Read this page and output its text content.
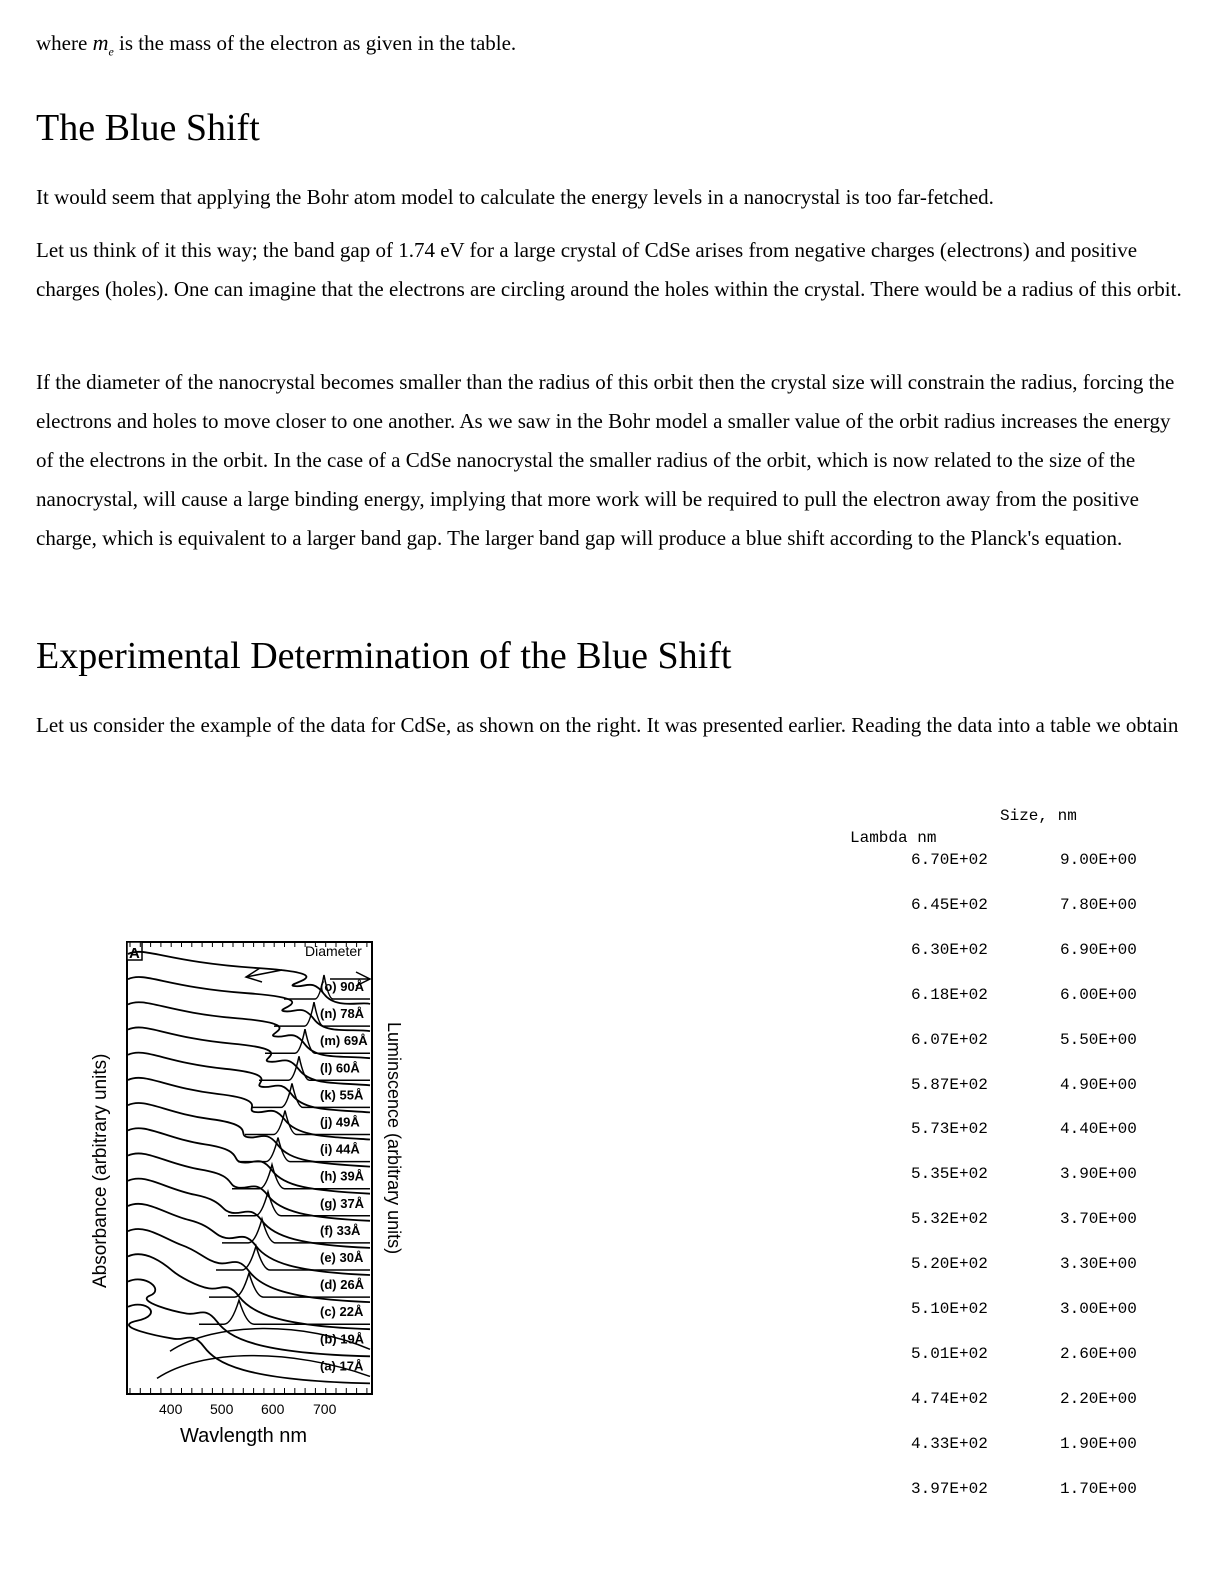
where $m_e$ is the mass of the electron as given in the table.
The Blue Shift

It would seem that applying the Bohr atom model to calculate the energy levels in a nanocrystal is too far-fetched.

Let us think of it this way; the band gap of 1.74 eV for a large crystal of CdSe arises from negative charges (electrons) and positive charges (holes). One can imagine that the electrons are circling around the holes within the crystal. There would be a radius of this orbit.

If the diameter of the nanocrystal becomes smaller than the radius of this orbit then the crystal size will constrain the radius, forcing the electrons and holes to move closer to one another. As we saw in the Bohr model a smaller value of the orbit radius increases the energy of the electrons in the orbit. In the case of a CdSe nanocrystal the smaller radius of the orbit, which is now related to the size of the nanocrystal, will cause a large binding energy, implying that more work will be required to pull the electron away from the positive charge, which is equivalent to a larger band gap. The larger band gap will produce a blue shift according to the Planck's equation.

Experimental Determination of the Blue Shift

Let us consider the example of the data for CdSe, as shown on the right. It was presented earlier. Reading the data into a table we obtain

A	Diameter
(o) 90Å
(n) 78Å
(m) 69Å
(l) 60Å
(k) 55Å
(j) 49Å
(i) 44Å
(h) 39Å
(g) 37Å
(f) 33Å
(e) 30Å
(d) 26Å
(c) 22Å
(b) 19Å
(a) 17Å
400 500 600 700
Wavlength nm
Absorbance (arbitrary units)	Luminscence (arbitrary units)
Size, nm
Lambda nm
6.70E+02	9.00E+00
6.45E+02	7.80E+00
6.30E+02	6.90E+00
6.18E+02	6.00E+00
6.07E+02	5.50E+00
5.87E+02	4.90E+00
5.73E+02	4.40E+00
5.35E+02	3.90E+00
5.32E+02	3.70E+00
5.20E+02	3.30E+00
5.10E+02	3.00E+00
5.01E+02	2.60E+00
4.74E+02	2.20E+00
4.33E+02	1.90E+00
3.97E+02	1.70E+00
